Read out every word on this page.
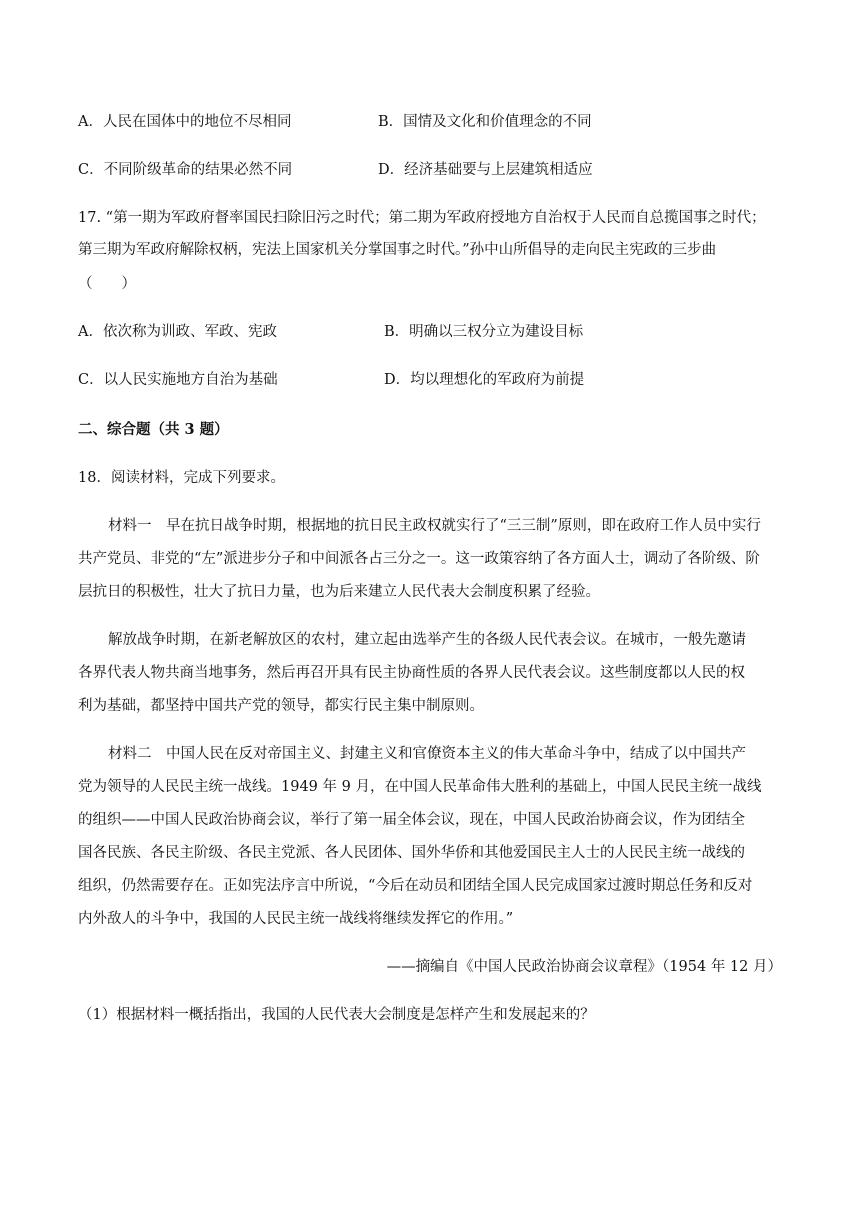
A．人民在国体中的地位不尽相同	B．国情及文化和价值理念的不同
C．不同阶级革命的结果必然不同	D．经济基础要与上层建筑相适应
17. “第一期为军政府督率国民扫除旧污之时代；第二期为军政府授地方自治权于人民而自总揽国事之时代；
第三期为军政府解除权柄，宪法上国家机关分掌国事之时代。”孙中山所倡导的走向民主宪政的三步曲
（　　）
A．依次称为训政、军政、宪政	B．明确以三权分立为建设目标
C．以人民实施地方自治为基础	D．均以理想化的军政府为前提
二、综合题（共 3 题）
18．阅读材料，完成下列要求。
材料一　早在抗日战争时期，根据地的抗日民主政权就实行了“三三制”原则，即在政府工作人员中实行
共产党员、非党的“左”派进步分子和中间派各占三分之一。这一政策容纳了各方面人士，调动了各阶级、阶
层抗日的积极性，壮大了抗日力量，也为后来建立人民代表大会制度积累了经验。
解放战争时期，在新老解放区的农村，建立起由选举产生的各级人民代表会议。在城市，一般先邀请
各界代表人物共商当地事务，然后再召开具有民主协商性质的各界人民代表会议。这些制度都以人民的权
利为基础，都坚持中国共产党的领导，都实行民主集中制原则。
材料二　中国人民在反对帝国主义、封建主义和官僚资本主义的伟大革命斗争中，结成了以中国共产
党为领导的人民民主统一战线。1949 年 9 月，在中国人民革命伟大胜利的基础上，中国人民民主统一战线
的组织——中国人民政治协商会议，举行了第一届全体会议，现在，中国人民政治协商会议，作为团结全
国各民族、各民主阶级、各民主党派、各人民团体、国外华侨和其他爱国民主人士的人民民主统一战线的
组织，仍然需要存在。正如宪法序言中所说，“今后在动员和团结全国人民完成国家过渡时期总任务和反对
内外敌人的斗争中，我国的人民民主统一战线将继续发挥它的作用。”
——摘编自《中国人民政治协商会议章程》（1954 年 12 月）
（1）根据材料一概括指出，我国的人民代表大会制度是怎样产生和发展起来的？
